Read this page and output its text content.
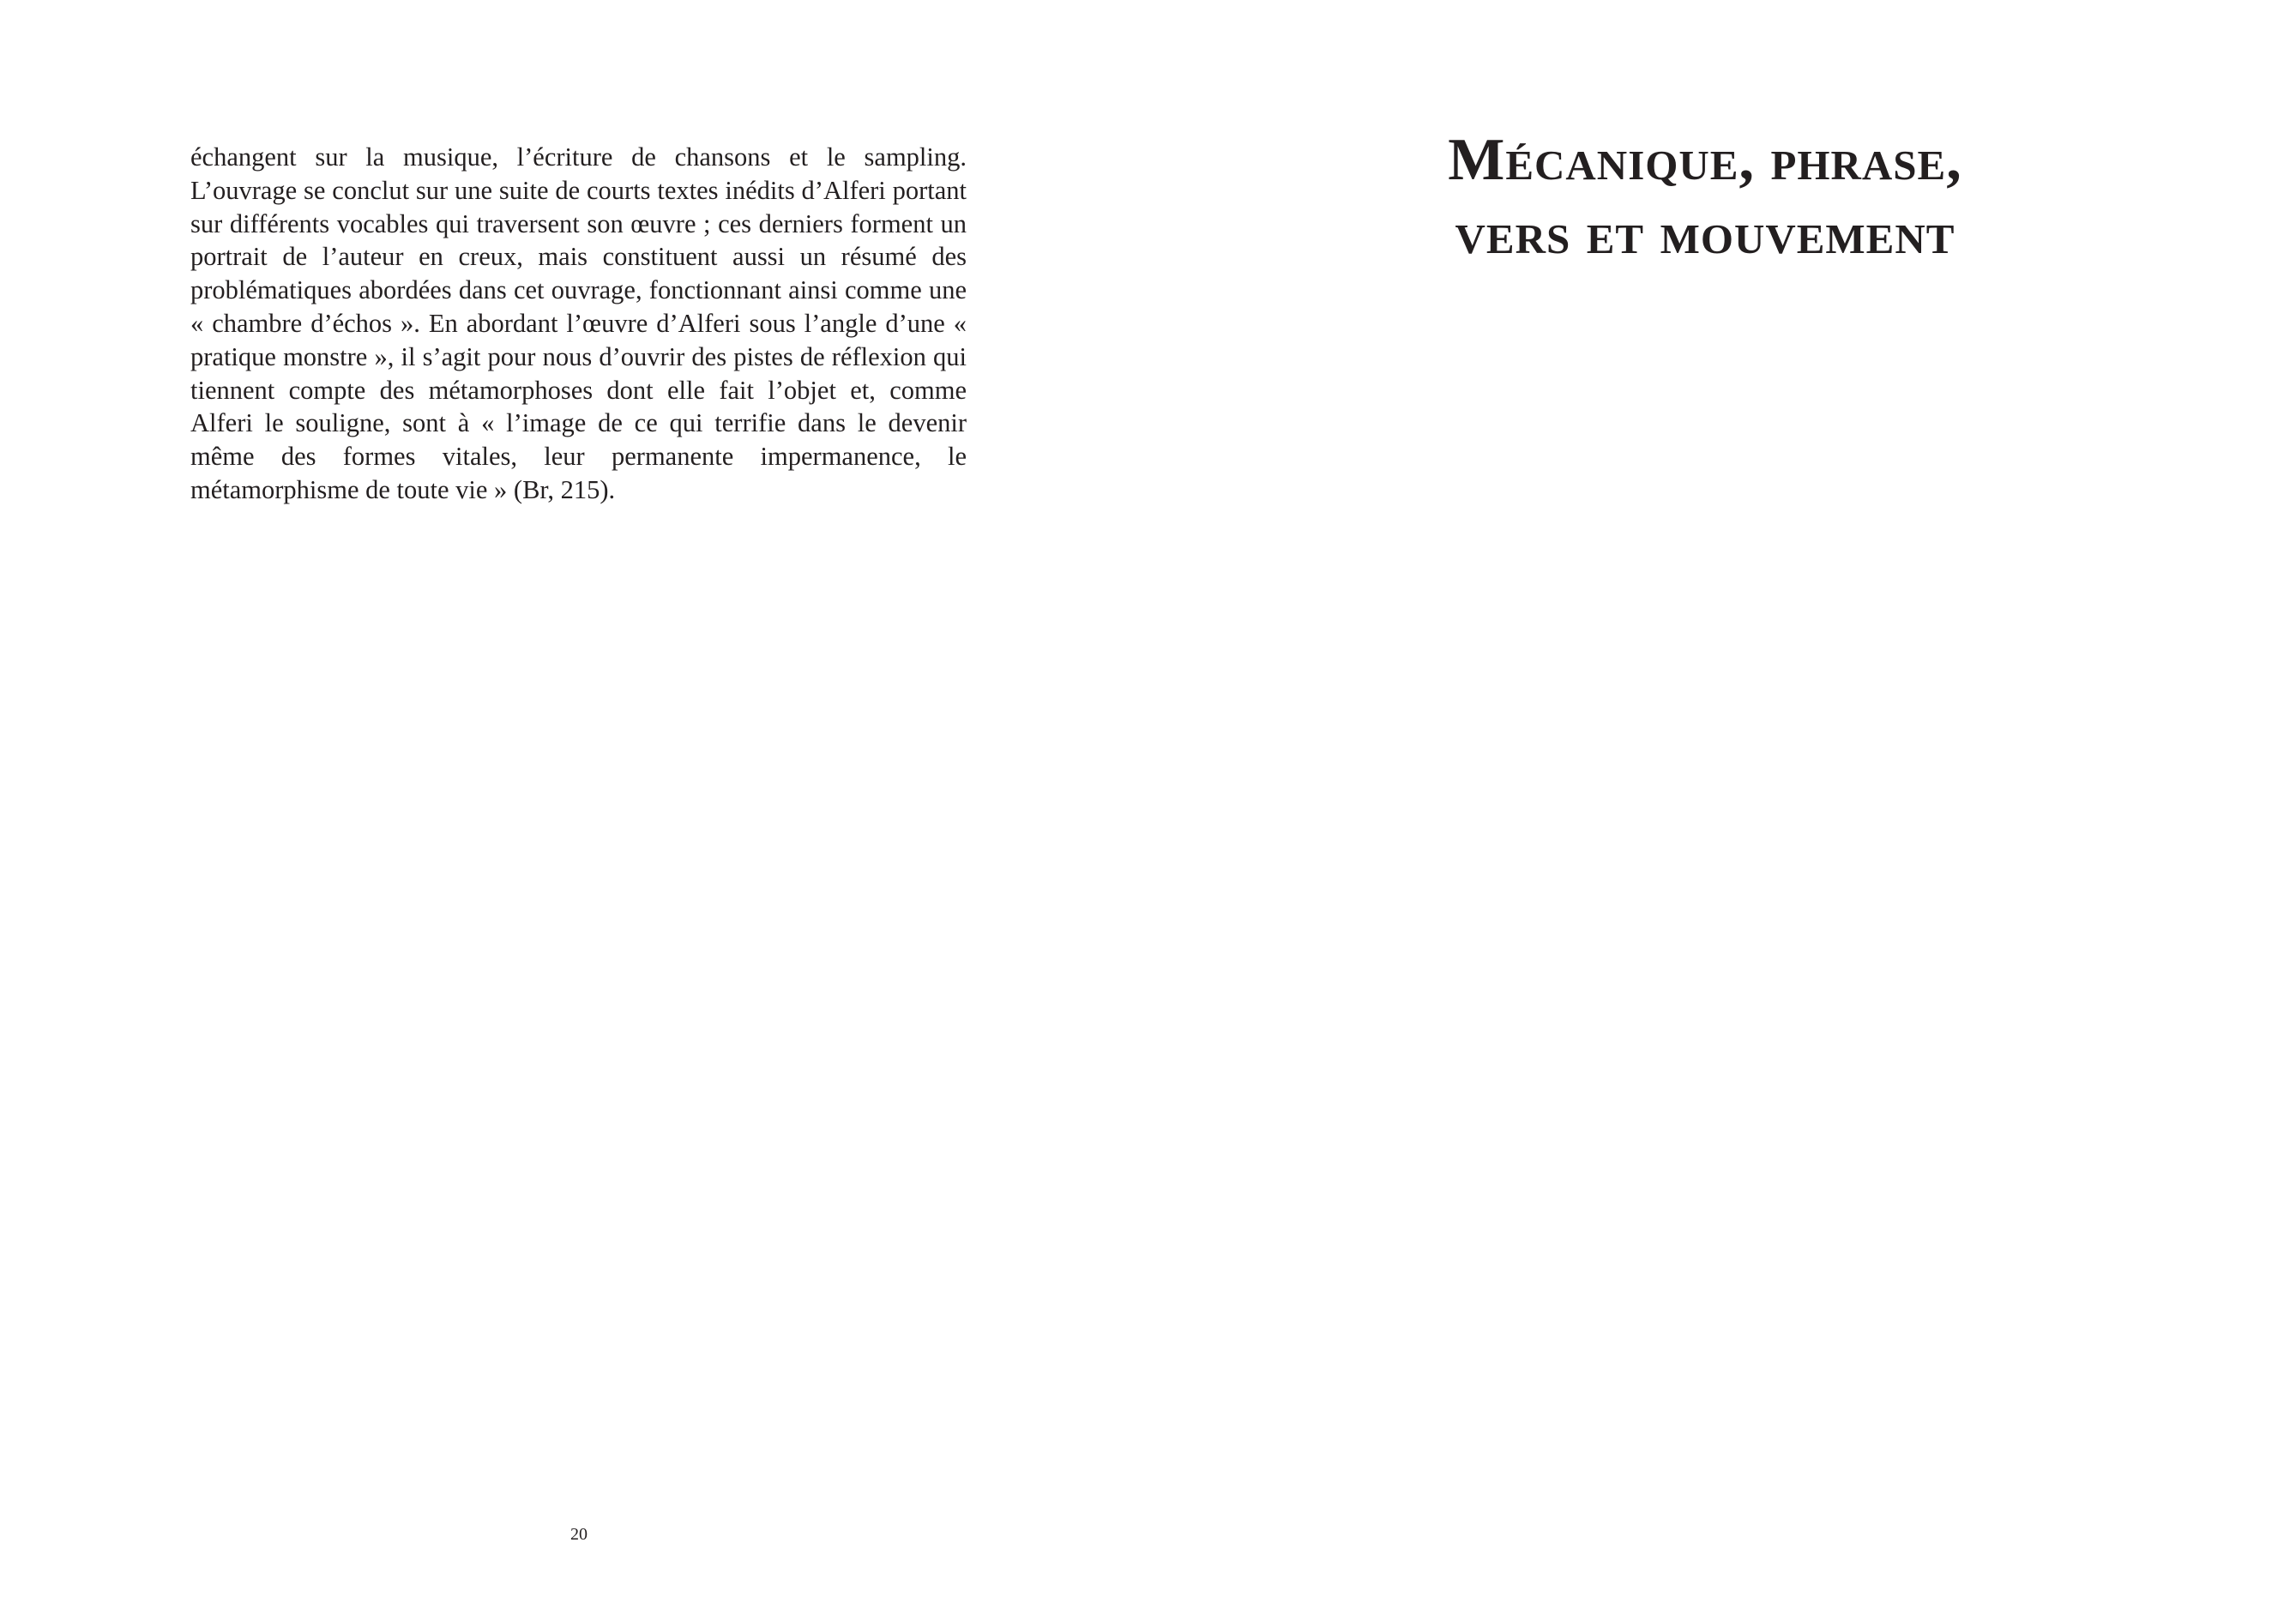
échangent sur la musique, l’écriture de chansons et le sampling. L’ouvrage se conclut sur une suite de courts textes inédits d’Alferi portant sur différents vocables qui traversent son œuvre ; ces derniers forment un portrait de l’auteur en creux, mais constituent aussi un résumé des problématiques abordées dans cet ouvrage, fonctionnant ainsi comme une « chambre d’échos ». En abordant l’œuvre d’Alferi sous l’angle d’une « pratique monstre », il s’agit pour nous d’ouvrir des pistes de réflexion qui tiennent compte des métamorphoses dont elle fait l’objet et, comme Alferi le souligne, sont à « l’image de ce qui terrifie dans le devenir même des formes vitales, leur permanente impermanence, le métamorphisme de toute vie » (Br, 215).

20
Mécanique, phrase,
vers et mouvement
